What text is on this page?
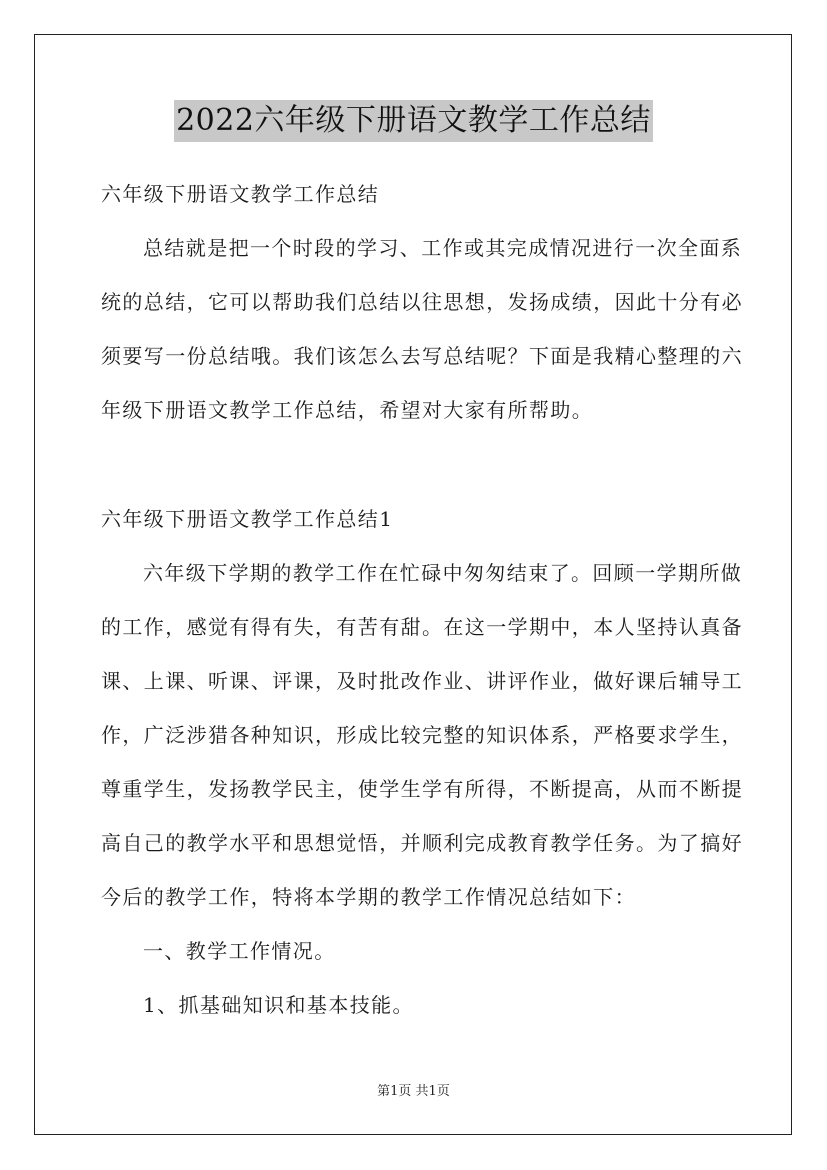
2022六年级下册语文教学工作总结
六年级下册语文教学工作总结
总结就是把一个时段的学习、工作或其完成情况进行一次全面系
统的总结，它可以帮助我们总结以往思想，发扬成绩，因此十分有必
须要写一份总结哦。我们该怎么去写总结呢？下面是我精心整理的六
年级下册语文教学工作总结，希望对大家有所帮助。
六年级下册语文教学工作总结1
六年级下学期的教学工作在忙碌中匆匆结束了。回顾一学期所做
的工作，感觉有得有失，有苦有甜。在这一学期中，本人坚持认真备
课、上课、听课、评课，及时批改作业、讲评作业，做好课后辅导工
作，广泛涉猎各种知识，形成比较完整的知识体系，严格要求学生，
尊重学生，发扬教学民主，使学生学有所得，不断提高，从而不断提
高自己的教学水平和思想觉悟，并顺利完成教育教学任务。为了搞好
今后的教学工作，特将本学期的教学工作情况总结如下：
一、教学工作情况。
1、抓基础知识和基本技能。
第1页 共1页
